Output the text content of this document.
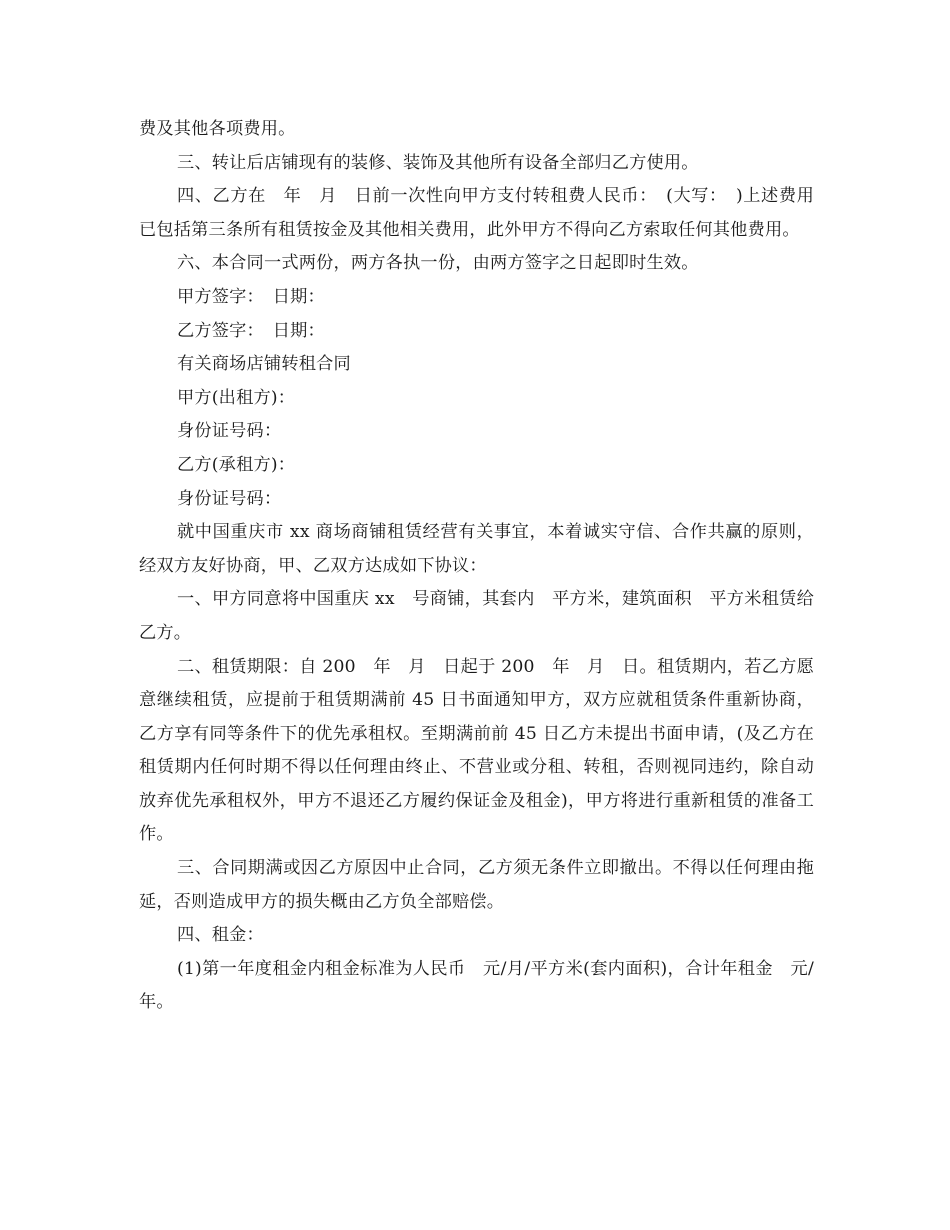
费及其他各项费用。

三、转让后店铺现有的装修、装饰及其他所有设备全部归乙方使用。

四、乙方在　年　月　日前一次性向甲方支付转租费人民币：　(大写：　)上述费用已包括第三条所有租赁按金及其他相关费用，此外甲方不得向乙方索取任何其他费用。

六、本合同一式两份，两方各执一份，由两方签字之日起即时生效。

甲方签字：　日期：

乙方签字：　日期：

有关商场店铺转租合同

甲方(出租方)：

身份证号码：

乙方(承租方)：

身份证号码：

就中国重庆市 xx 商场商铺租赁经营有关事宜，本着诚实守信、合作共赢的原则，经双方友好协商，甲、乙双方达成如下协议：

一、甲方同意将中国重庆 xx　号商铺，其套内　平方米，建筑面积　平方米租赁给乙方。

二、租赁期限：自 200　年　月　日起于 200　年　月　日。租赁期内，若乙方愿意继续租赁，应提前于租赁期满前 45 日书面通知甲方，双方应就租赁条件重新协商，乙方享有同等条件下的优先承租权。至期满前前 45 日乙方未提出书面申请，(及乙方在租赁期内任何时期不得以任何理由终止、不营业或分租、转租，否则视同违约，除自动放弃优先承租权外，甲方不退还乙方履约保证金及租金)，甲方将进行重新租赁的准备工作。

三、合同期满或因乙方原因中止合同，乙方须无条件立即撤出。不得以任何理由拖延，否则造成甲方的损失概由乙方负全部赔偿。

四、租金：

(1)第一年度租金内租金标准为人民币　元/月/平方米(套内面积)，合计年租金　元/年。
